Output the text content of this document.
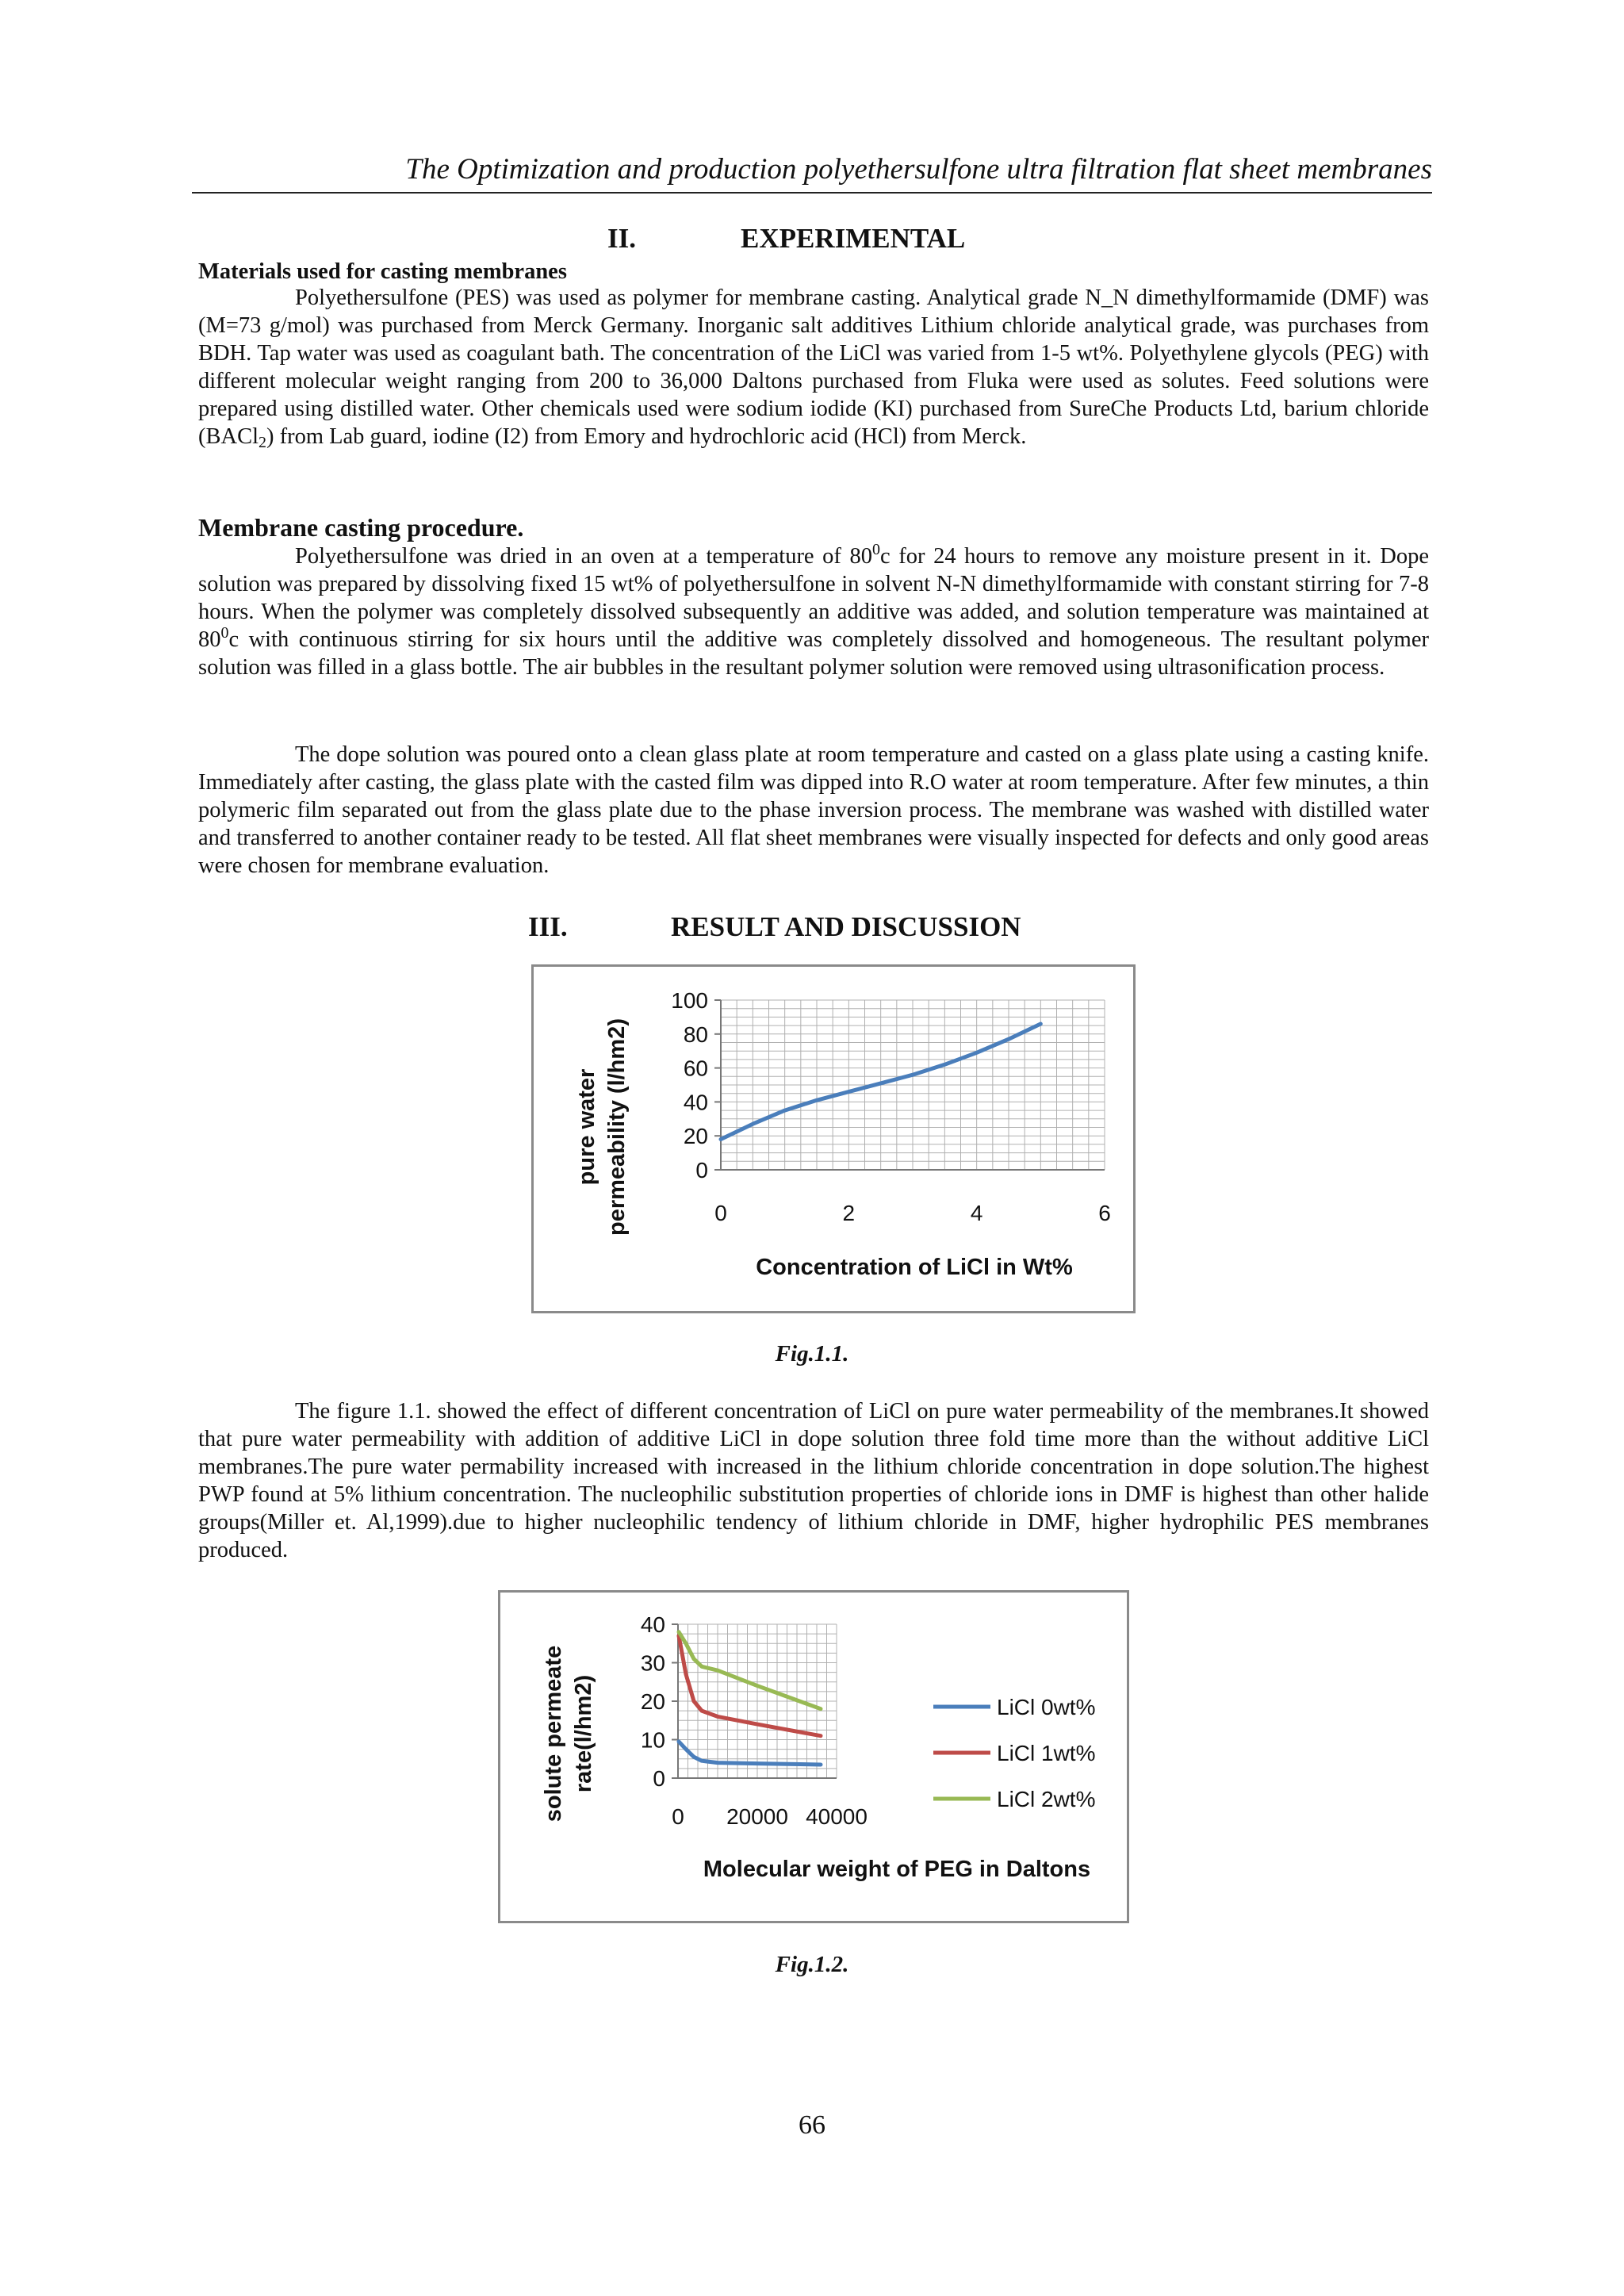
The Optimization and production polyethersulfone ultra filtration flat sheet membranes
II.	EXPERIMENTAL
Materials used for casting membranes

Polyethersulfone (PES) was used as polymer for membrane casting. Analytical grade N_N dimethylformamide (DMF) was (M=73 g/mol) was purchased from Merck Germany. Inorganic salt additives Lithium chloride analytical grade, was purchases from BDH. Tap water was used as coagulant bath. The concentration of the LiCl was varied from 1-5 wt%. Polyethylene glycols (PEG) with different molecular weight ranging from 200 to 36,000 Daltons purchased from Fluka were used as solutes. Feed solutions were prepared using distilled water. Other chemicals used were sodium iodide (KI) purchased from SureChe Products Ltd, barium chloride (BACl$_2$) from Lab guard, iodine (I2) from Emory and hydrochloric acid (HCl) from Merck.

Membrane casting procedure.

Polyethersulfone was dried in an oven at a temperature of $80^0c$ for 24 hours to remove any moisture present in it. Dope solution was prepared by dissolving fixed 15 wt% of polyethersulfone in solvent N-N dimethylformamide with constant stirring for 7-8 hours. When the polymer was completely dissolved subsequently an additive was added, and solution temperature was maintained at $80^0c$ with continuous stirring for six hours until the additive was completely dissolved and homogeneous. The resultant polymer solution was filled in a glass bottle. The air bubbles in the resultant polymer solution were removed using ultrasonification process.

The dope solution was poured onto a clean glass plate at room temperature and casted on a glass plate using a casting knife. Immediately after casting, the glass plate with the casted film was dipped into R.O water at room temperature. After few minutes, a thin polymeric film separated out from the glass plate due to the phase inversion process. The membrane was washed with distilled water and transferred to another container ready to be tested. All flat sheet membranes were visually inspected for defects and only good areas were chosen for membrane evaluation.

III.	RESULT AND DISCUSSION
0
20
40
60
80
100
0	2	4	6
Concentration of LiCl in Wt%
pure water permeability (l/hm2)
Fig.1.1.

The figure 1.1. showed the effect of different concentration of LiCl on pure water permeability of the membranes.It showed that pure water permeability with addition of additive LiCl in dope solution three fold time more than the without additive LiCl membranes.The pure water permability increased with increased in the lithium chloride concentration in dope solution.The highest PWP found at 5% lithium concentration. The nucleophilic substitution properties of chloride ions in DMF is highest than other halide groups(Miller et. Al,1999).due to higher nucleophilic tendency of lithium chloride in DMF, higher hydrophilic PES membranes produced.

0
10
20
30
40
0 20000 40000
Molecular weight of PEG in Daltons
solute permeate rate(l/hm2)	LiCl 0wt%
LiCl 1wt%
LiCl 2wt%
Fig.1.2.
66
